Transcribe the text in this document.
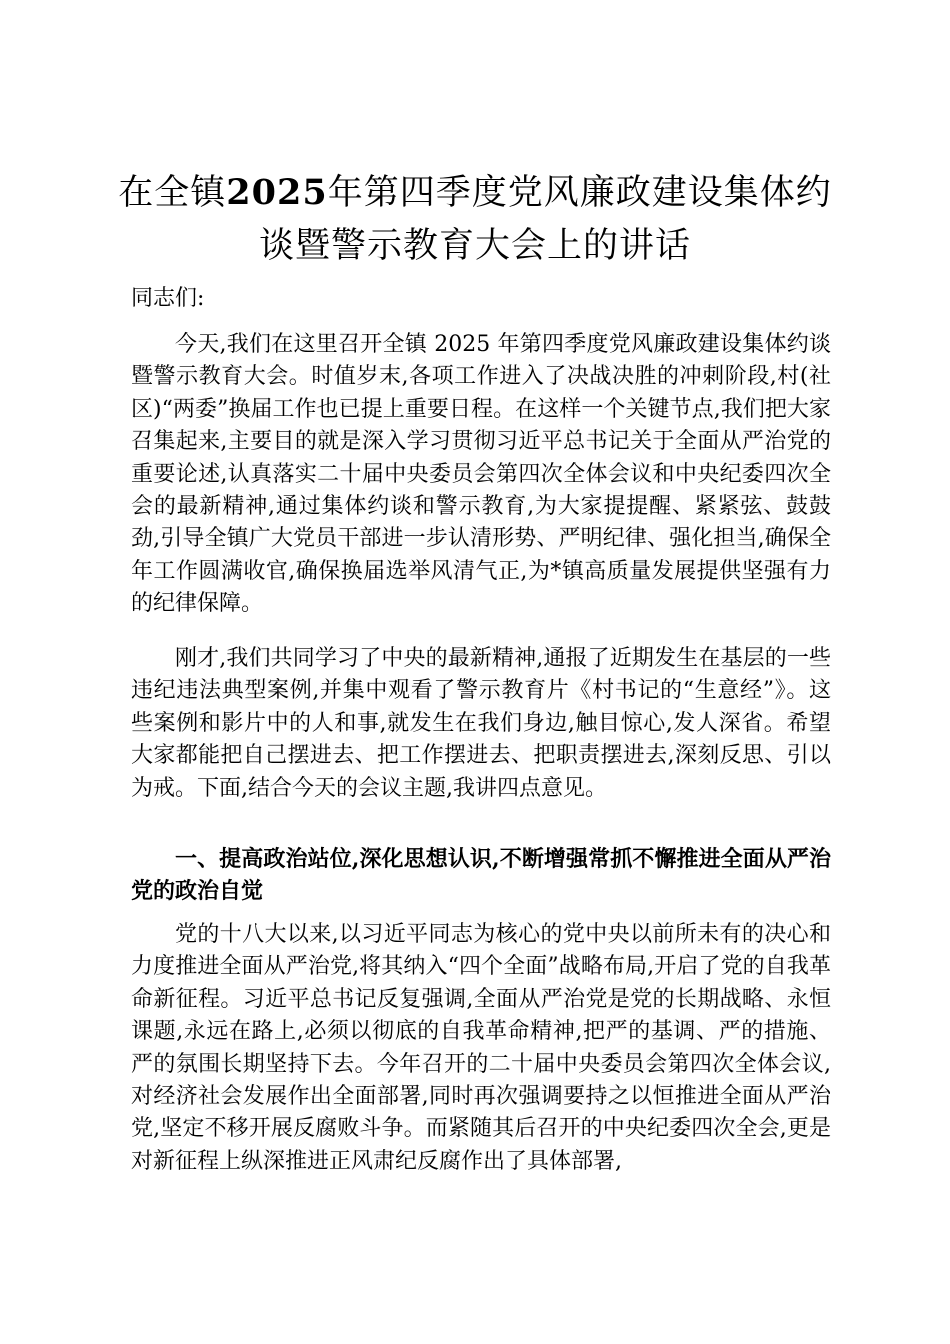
在全镇2025年第四季度党风廉政建设集体约
谈暨警示教育大会上的讲话

同志们:

今天,我们在这里召开全镇 2025 年第四季度党风廉政建设集体约谈暨警示教育大会。时值岁末,各项工作进入了决战决胜的冲刺阶段,村(社区)“两委”换届工作也已提上重要日程。在这样一个关键节点,我们把大家召集起来,主要目的就是深入学习贯彻习近平总书记关于全面从严治党的重要论述,认真落实二十届中央委员会第四次全体会议和中央纪委四次全会的最新精神,通过集体约谈和警示教育,为大家提提醒、紧紧弦、鼓鼓劲,引导全镇广大党员干部进一步认清形势、严明纪律、强化担当,确保全年工作圆满收官,确保换届选举风清气正,为*镇高质量发展提供坚强有力的纪律保障。

刚才,我们共同学习了中央的最新精神,通报了近期发生在基层的一些违纪违法典型案例,并集中观看了警示教育片《村书记的“生意经”》。这些案例和影片中的人和事,就发生在我们身边,触目惊心,发人深省。希望大家都能把自己摆进去、把工作摆进去、把职责摆进去,深刻反思、引以为戒。下面,结合今天的会议主题,我讲四点意见。

一、提高政治站位,深化思想认识,不断增强常抓不懈推进全面从严治党的政治自觉

党的十八大以来,以习近平同志为核心的党中央以前所未有的决心和力度推进全面从严治党,将其纳入“四个全面”战略布局,开启了党的自我革命新征程。习近平总书记反复强调,全面从严治党是党的长期战略、永恒课题,永远在路上,必须以彻底的自我革命精神,把严的基调、严的措施、严的氛围长期坚持下去。今年召开的二十届中央委员会第四次全体会议,对经济社会发展作出全面部署,同时再次强调要持之以恒推进全面从严治党,坚定不移开展反腐败斗争。而紧随其后召开的中央纪委四次全会,更是对新征程上纵深推进正风肃纪反腐作出了具体部署,
